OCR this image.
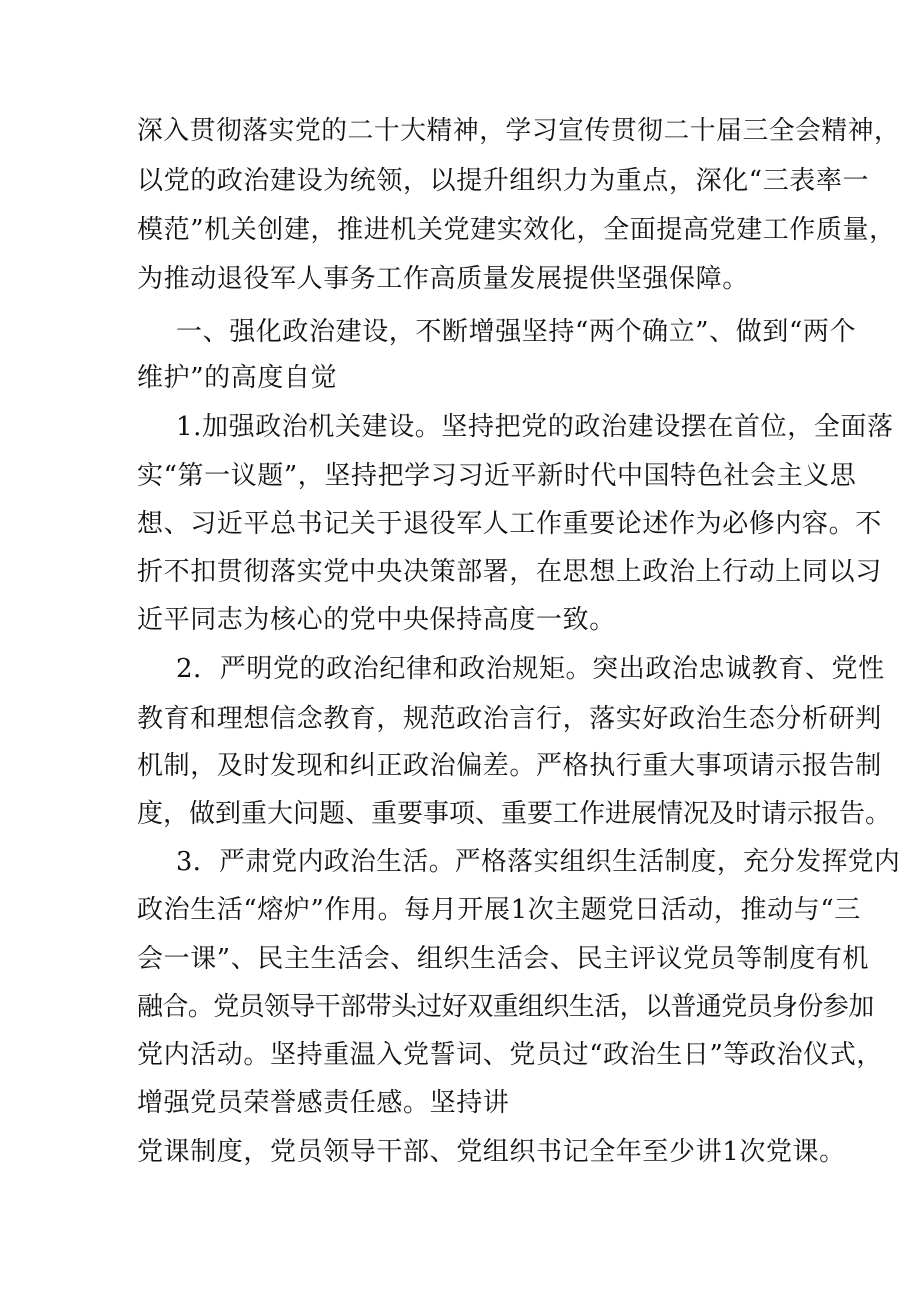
深入贯彻落实党的二十大精神，学习宣传贯彻二十届三全会精神，
以党的政治建设为统领，以提升组织力为重点，深化“三表率一
模范”机关创建，推进机关党建实效化，全面提高党建工作质量，
为推动退役军人事务工作高质量发展提供坚强保障。
一、强化政治建设，不断增强坚持“两个确立”、做到“两个
维护”的高度自觉
1.加强政治机关建设。坚持把党的政治建设摆在首位，全面落
实“第一议题”，坚持把学习习近平新时代中国特色社会主义思
想、习近平总书记关于退役军人工作重要论述作为必修内容。不
折不扣贯彻落实党中央决策部署，在思想上政治上行动上同以习
近平同志为核心的党中央保持高度一致。
2．严明党的政治纪律和政治规矩。突出政治忠诚教育、党性
教育和理想信念教育，规范政治言行，落实好政治生态分析研判
机制，及时发现和纠正政治偏差。严格执行重大事项请示报告制
度，做到重大问题、重要事项、重要工作进展情况及时请示报告。
3．严肃党内政治生活。严格落实组织生活制度，充分发挥党内
政治生活“熔炉”作用。每月开展1次主题党日活动，推动与“三
会一课”、民主生活会、组织生活会、民主评议党员等制度有机
融合。党员领导干部带头过好双重组织生活，以普通党员身份参加
党内活动。坚持重温入党誓词、党员过“政治生日”等政治仪式，
增强党员荣誉感责任感。坚持讲
党课制度，党员领导干部、党组织书记全年至少讲1次党课。
